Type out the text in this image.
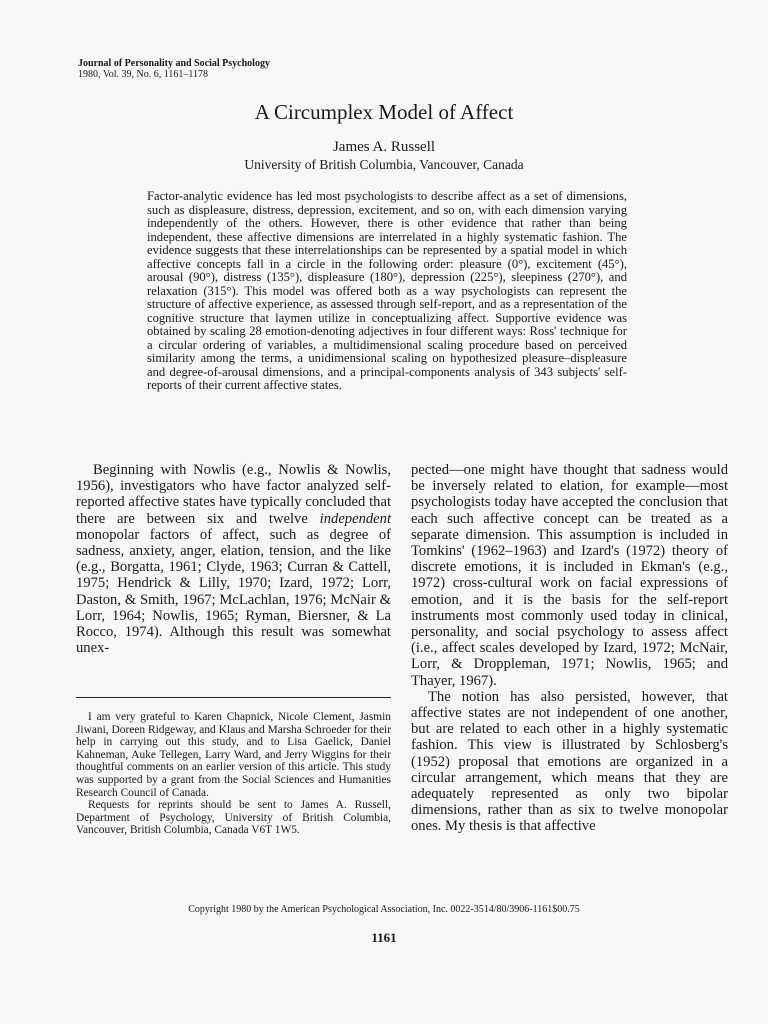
Journal of Personality and Social Psychology
1980, Vol. 39, No. 6, 1161–1178
A Circumplex Model of Affect
James A. Russell
University of British Columbia, Vancouver, Canada

Factor-analytic evidence has led most psychologists to describe affect as a set of dimensions, such as displeasure, distress, depression, excitement, and so on, with each dimension varying independently of the others. However, there is other evidence that rather than being independent, these affective dimensions are interrelated in a highly systematic fashion. The evidence suggests that these interrelationships can be represented by a spatial model in which affective concepts fall in a circle in the following order: pleasure (0°), excitement (45°), arousal (90°), distress (135°), displeasure (180°), depression (225°), sleepiness (270°), and relaxation (315°). This model was offered both as a way psychologists can represent the structure of affective experience, as assessed through self-report, and as a representation of the cognitive structure that laymen utilize in conceptualizing affect. Supportive evidence was obtained by scaling 28 emotion-denoting adjectives in four different ways: Ross' technique for a circular ordering of variables, a multidimensional scaling procedure based on perceived similarity among the terms, a unidimensional scaling on hypothesized pleasure–displeasure and degree-of-arousal dimensions, and a principal-components analysis of 343 subjects' self-reports of their current affective states.

Beginning with Nowlis (e.g., Nowlis & Nowlis, 1956), investigators who have factor analyzed self-reported affective states have typically concluded that there are between six and twelve independent monopolar factors of affect, such as degree of sadness, anxiety, anger, elation, tension, and the like (e.g., Borgatta, 1961; Clyde, 1963; Curran & Cattell, 1975; Hendrick & Lilly, 1970; Izard, 1972; Lorr, Daston, & Smith, 1967; McLachlan, 1976; McNair & Lorr, 1964; Nowlis, 1965; Ryman, Biersner, & La Rocco, 1974). Although this result was somewhat unex-

I am very grateful to Karen Chapnick, Nicole Clement, Jasmin Jiwani, Doreen Ridgeway, and Klaus and Marsha Schroeder for their help in carrying out this study, and to Lisa Gaelick, Daniel Kahneman, Auke Tellegen, Larry Ward, and Jerry Wiggins for their thoughtful comments on an earlier version of this article. This study was supported by a grant from the Social Sciences and Humanities Research Council of Canada.

Requests for reprints should be sent to James A. Russell, Department of Psychology, University of British Columbia, Vancouver, British Columbia, Canada V6T 1W5.

pected—one might have thought that sadness would be inversely related to elation, for example—most psychologists today have accepted the conclusion that each such affective concept can be treated as a separate dimension. This assumption is included in Tomkins' (1962–1963) and Izard's (1972) theory of discrete emotions, it is included in Ekman's (e.g., 1972) cross-cultural work on facial expressions of emotion, and it is the basis for the self-report instruments most commonly used today in clinical, personality, and social psychology to assess affect (i.e., affect scales developed by Izard, 1972; McNair, Lorr, & Droppleman, 1971; Nowlis, 1965; and Thayer, 1967).

The notion has also persisted, however, that affective states are not independent of one another, but are related to each other in a highly systematic fashion. This view is illustrated by Schlosberg's (1952) proposal that emotions are organized in a circular arrangement, which means that they are adequately represented as only two bipolar dimensions, rather than as six to twelve monopolar ones. My thesis is that affective

Copyright 1980 by the American Psychological Association, Inc. 0022-3514/80/3906-1161$00.75
1161
